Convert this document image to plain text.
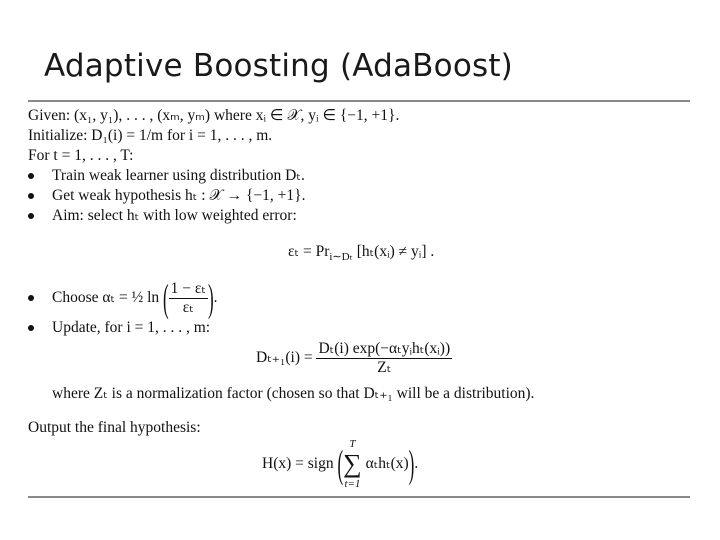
Adaptive Boosting (AdaBoost)
Given: (x₁, y₁), . . . , (xₘ, yₘ) where xᵢ ∈ 𝒳, yᵢ ∈ {−1, +1}.
Initialize: D₁(i) = 1/m for i = 1, . . . , m.
For t = 1, . . . , T:
Train weak learner using distribution Dₜ.
Get weak hypothesis hₜ : 𝒳 → {−1, +1}.
Aim: select hₜ with low weighted error:
$\varepsilon_t = Pr_{i\sim D_t}$ [hₜ(xᵢ) ≠ yᵢ] .
Choose αₜ = ½ ln ( $\frac{\text{1 − εₜ}}{\text{εₜ}}$ ).
Update, for i = 1, . . . , m:
$D_{t+1}(i) = \frac{\text{Dₜ(i) exp(−αₜyᵢhₜ(xᵢ))}}{\text{Zₜ}}$
where Zₜ is a normalization factor (chosen so that Dₜ₊₁ will be a distribution).
Output the final hypothesis:
H(x) = sign ( T
∑
t=1
αₜhₜ(x)).
